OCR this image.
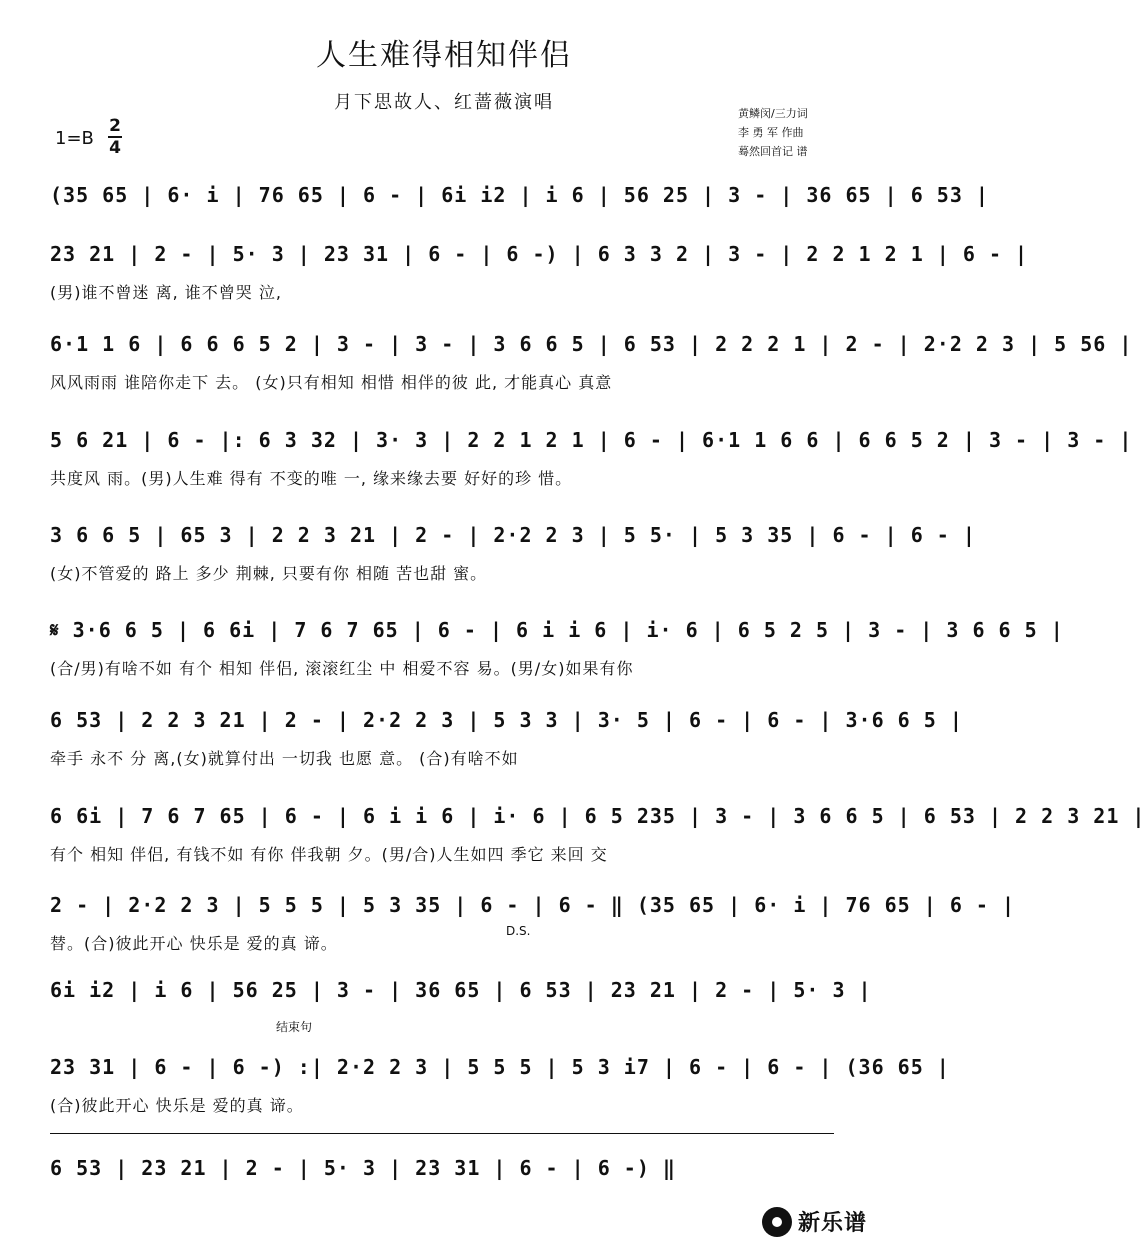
人生难得相知伴侣
月下思故人、红蔷薇演唱
黄鳞闵/三力词
李 勇 军 作曲
蓦然回首记 谱
1=B
2
4
(35 65 | 6· i | 76 65 | 6 - | 6i i2 | i 6 | 56 25 | 3 - | 36 65 | 6 53 |
23 21 | 2 - | 5· 3 | 23 31 | 6 - | 6 -) | 6 3 3 2 | 3 - | 2 2 1 2 1 | 6 - |
(男)谁不曾迷 离, 谁不曾哭 泣,
6·1 1 6 | 6 6 6 5 2 | 3 - | 3 - | 3 6 6 5 | 6 53 | 2 2 2 1 | 2 - | 2·2 2 3 | 5 56 |
风风雨雨 谁陪你走下 去。 (女)只有相知 相惜 相伴的彼 此, 才能真心 真意
5 6 21 | 6 - |: 6 3 32 | 3· 3 | 2 2 1 2 1 | 6 - | 6·1 1 6 6 | 6 6 5 2 | 3 - | 3 - |
共度风 雨。(男)人生难 得有 不变的唯 一, 缘来缘去要 好好的珍 惜。
3 6 6 5 | 65 3 | 2 2 3 21 | 2 - | 2·2 2 3 | 5 5· | 5 3 35 | 6 - | 6 - |
(女)不管爱的 路上 多少 荆棘, 只要有你 相随 苦也甜 蜜。
𝄋 3·6 6 5 | 6 6i | 7 6 7 65 | 6 - | 6 i i 6 | i· 6 | 6 5 2 5 | 3 - | 3 6 6 5 |
(合/男)有啥不如 有个 相知 伴侣, 滚滚红尘 中 相爱不容 易。(男/女)如果有你
6 53 | 2 2 3 21 | 2 - | 2·2 2 3 | 5 3 3 | 3· 5 | 6 - | 6 - | 3·6 6 5 |
牵手 永不 分 离,(女)就算付出 一切我 也愿 意。 (合)有啥不如
6 6i | 7 6 7 65 | 6 - | 6 i i 6 | i· 6 | 6 5 235 | 3 - | 3 6 6 5 | 6 53 | 2 2 3 21 |
有个 相知 伴侣, 有钱不如 有你 伴我朝 夕。(男/合)人生如四 季它 来回 交
2 - | 2·2 2 3 | 5 5 5 | 5 3 35 | 6 - | 6 - ‖ (35 65 | 6· i | 76 65 | 6 - |
替。(合)彼此开心 快乐是 爱的真 谛。
D.S.
6i i2 | i 6 | 56 25 | 3 - | 36 65 | 6 53 | 23 21 | 2 - | 5· 3 |
结束句
23 31 | 6 - | 6 -) :| 2·2 2 3 | 5 5 5 | 5 3 i7 | 6 - | 6 - | (36 65 |
(合)彼此开心 快乐是 爱的真 谛。
6 53 | 23 21 | 2 - | 5· 3 | 23 31 | 6 - | 6 -) ‖
新乐谱
